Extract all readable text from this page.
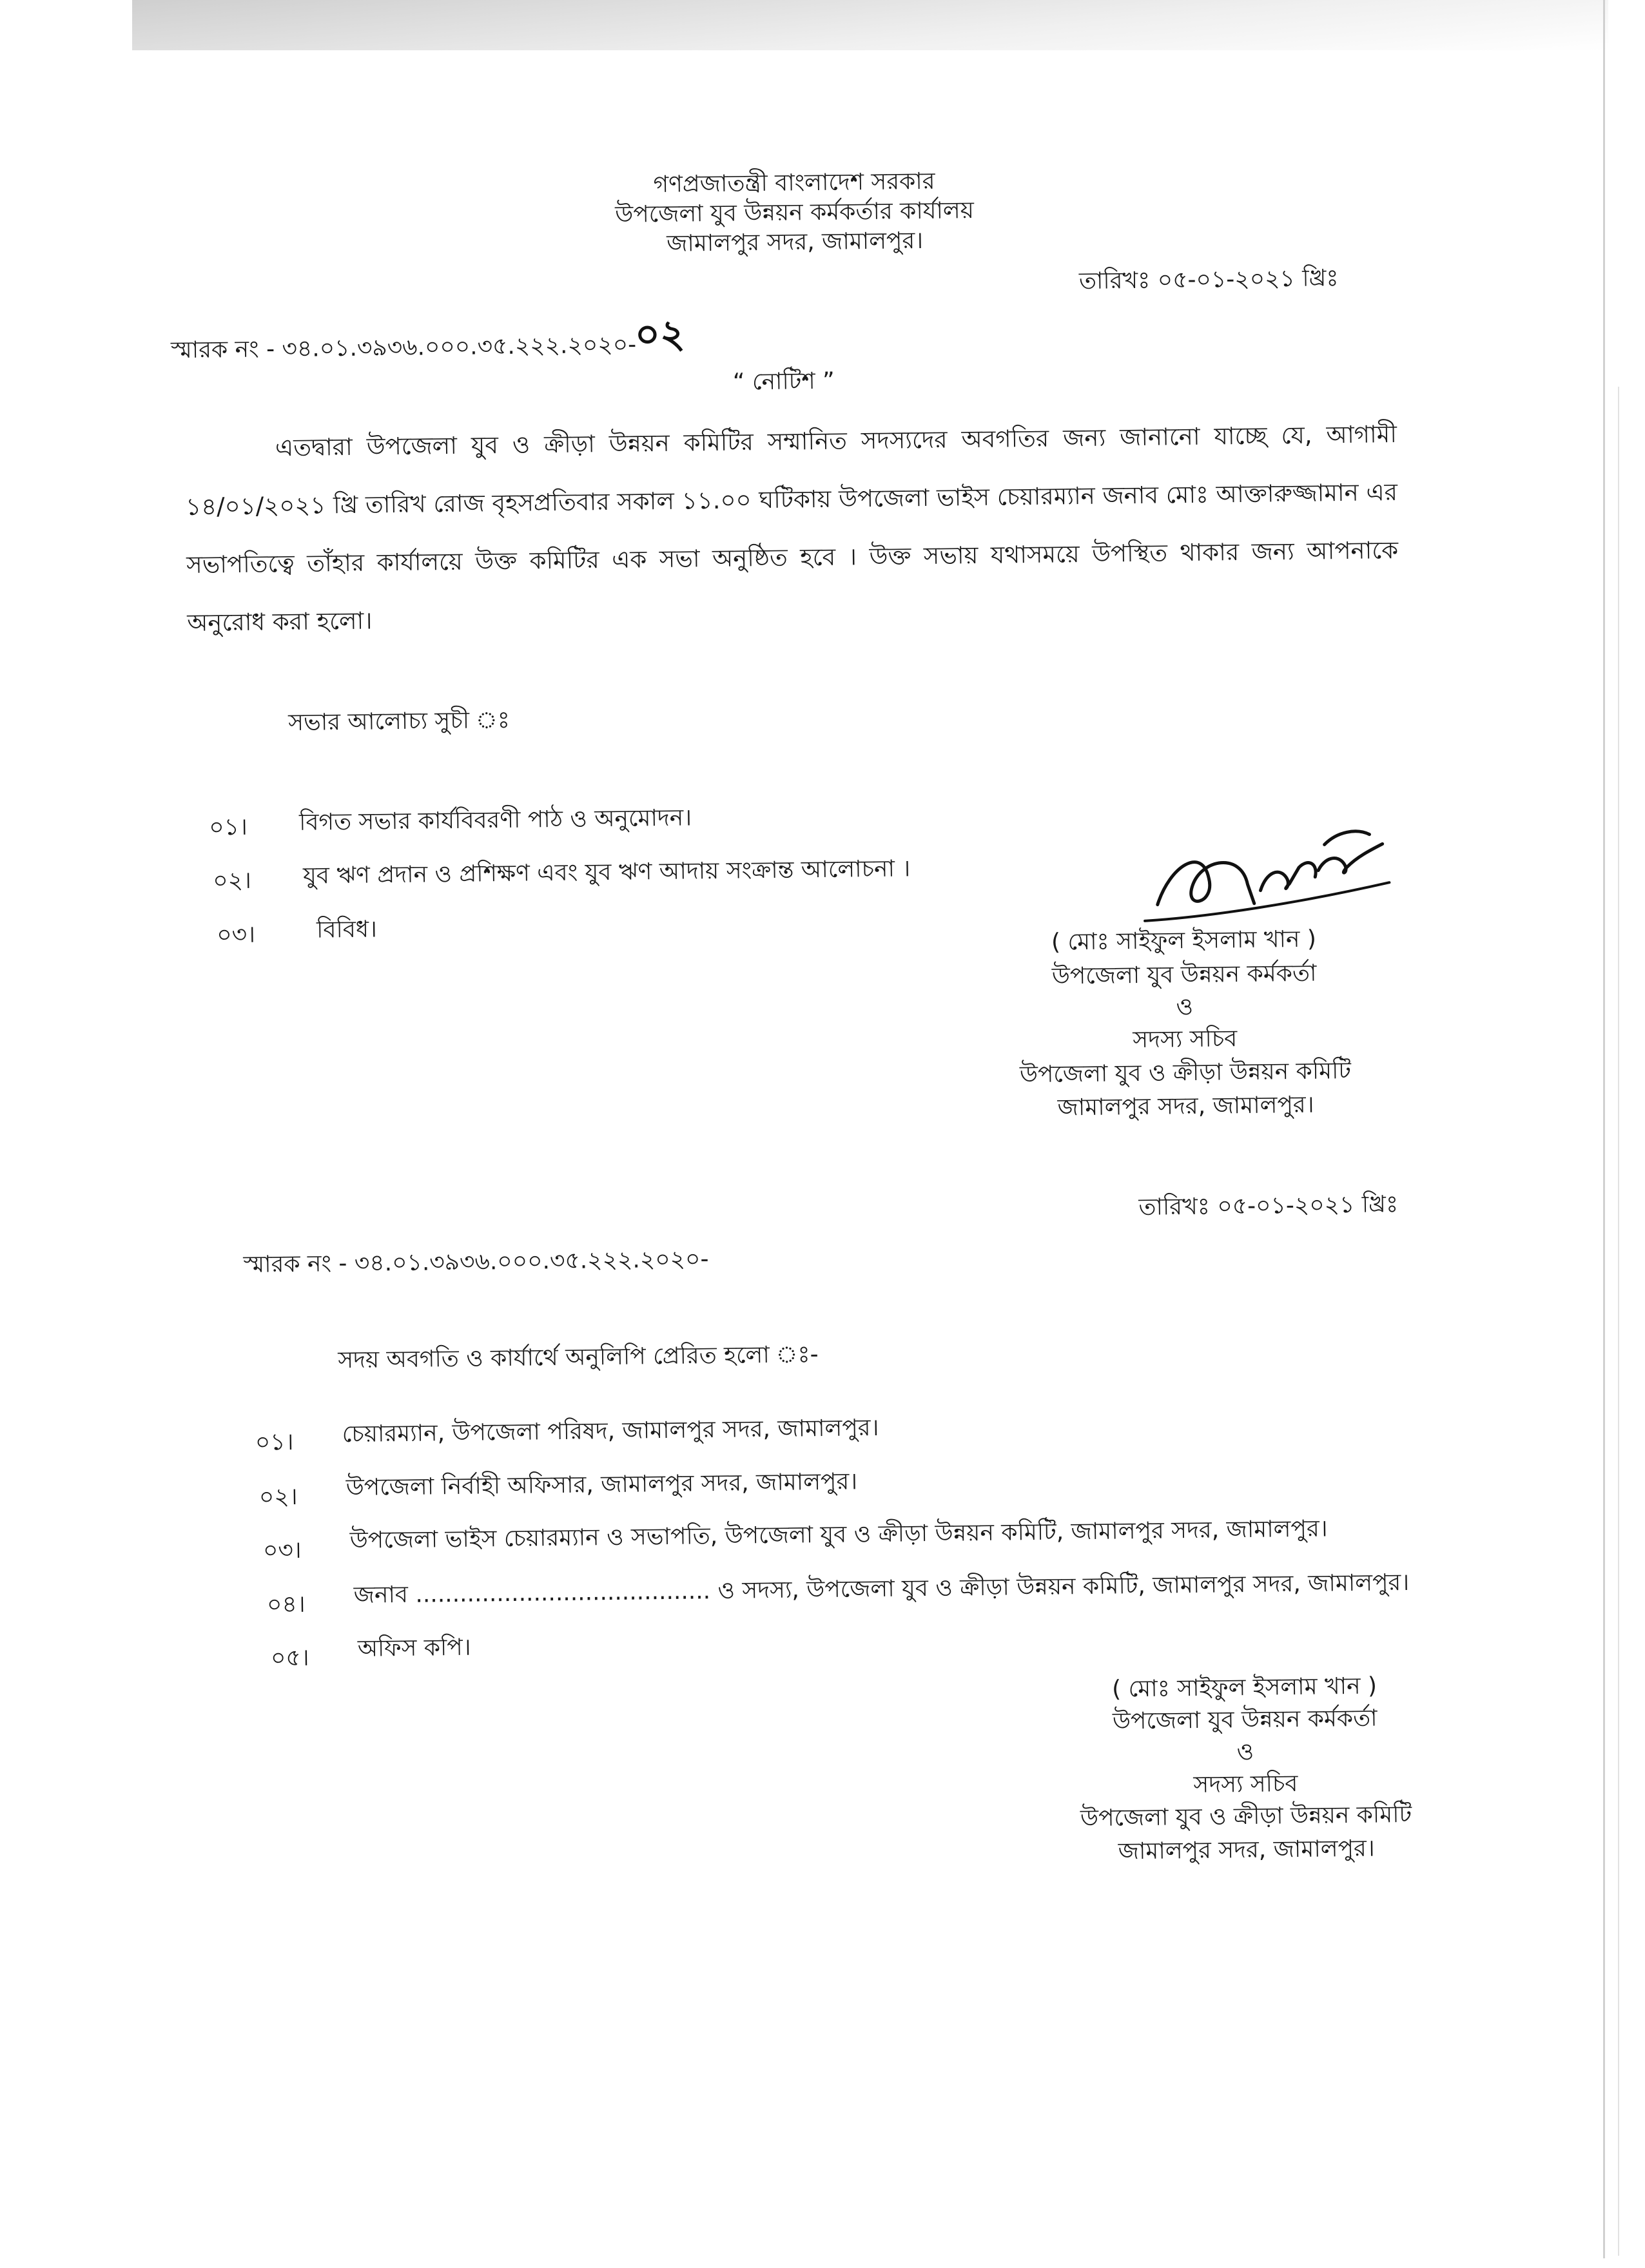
গণপ্রজাতন্ত্রী বাংলাদেশ সরকার
উপজেলা যুব উন্নয়ন কর্মকর্তার কার্যালয়
জামালপুর সদর, জামালপুর।
তারিখঃ ০৫-০১-২০২১ খ্রিঃ
স্মারক নং - ৩৪.০১.৩৯৩৬.০০০.৩৫.২২২.২০২০-
০২
“ নোটিশ ”
এতদ্বারা উপজেলা যুব ও ক্রীড়া উন্নয়ন কমিটির সম্মানিত সদস্যদের অবগতির জন্য জানানো যাচ্ছে যে, আগামী ১৪/০১/২০২১ খ্রি তারিখ রোজ বৃহসপ্রতিবার সকাল ১১.০০ ঘটিকায় উপজেলা ভাইস চেয়ারম্যান জনাব মোঃ আক্তারুজ্জামান এর সভাপতিত্বে তাঁহার কার্যালয়ে উক্ত কমিটির এক সভা অনুষ্ঠিত হবে । উক্ত সভায় যথাসময়ে উপস্থিত থাকার জন্য আপনাকে অনুরোধ করা হলো।
সভার আলোচ্য সুচী ঃ
০১। বিগত সভার কার্যবিবরণী পাঠ ও অনুমোদন।
০২। যুব ঋণ প্রদান ও প্রশিক্ষণ এবং যুব ঋণ আদায় সংক্রান্ত আলোচনা ।
০৩।	বিবিধ।	( মোঃ সাইফুল ইসলাম খান )
উপজেলা যুব উন্নয়ন কর্মকর্তা
ও
সদস্য সচিব
উপজেলা যুব ও ক্রীড়া উন্নয়ন কমিটি
জামালপুর সদর, জামালপুর।
তারিখঃ ০৫-০১-২০২১ খ্রিঃ
স্মারক নং - ৩৪.০১.৩৯৩৬.০০০.৩৫.২২২.২০২০-
সদয় অবগতি ও কার্যার্থে অনুলিপি প্রেরিত হলো ঃ-
০১। চেয়ারম্যান, উপজেলা পরিষদ, জামালপুর সদর, জামালপুর।
০২। উপজেলা নির্বাহী অফিসার, জামালপুর সদর, জামালপুর।
০৩। উপজেলা ভাইস চেয়ারম্যান ও সভাপতি, উপজেলা যুব ও ক্রীড়া উন্নয়ন কমিটি, জামালপুর সদর, জামালপুর।
০৪। জনাব ........................................ ও সদস্য, উপজেলা যুব ও ক্রীড়া উন্নয়ন কমিটি, জামালপুর সদর, জামালপুর।
০৫। অফিস কপি।
( মোঃ সাইফুল ইসলাম খান )
উপজেলা যুব উন্নয়ন কর্মকর্তা
ও
সদস্য সচিব
উপজেলা যুব ও ক্রীড়া উন্নয়ন কমিটি
জামালপুর সদর, জামালপুর।
